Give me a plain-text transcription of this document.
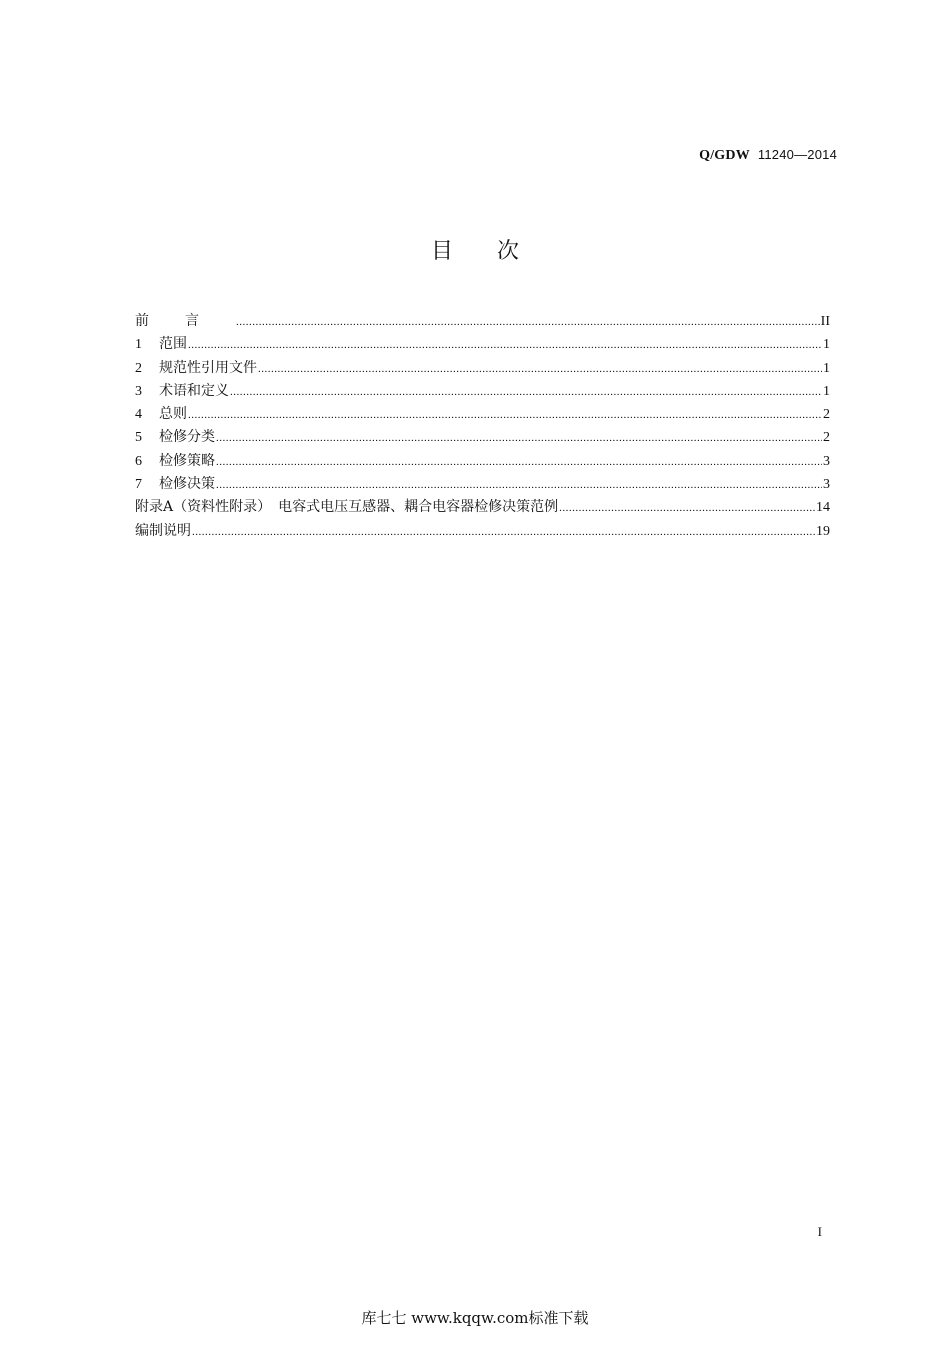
Q/GDW 11240—2014
目次
前言 .....	II
1 范围 .....	1
2 规范性引用文件 .....	1
3 术语和定义 .....	1
4 总则 .....	2
5 检修分类 .....	2
6 检修策略 .....	3
7 检修决策 .....	3
附录A（资料性附录）　电容式电压互感器、耦合电容器检修决策范例 .....	14
编制说明 .....	19
I
库七七 www.kqqw.com标准下载
